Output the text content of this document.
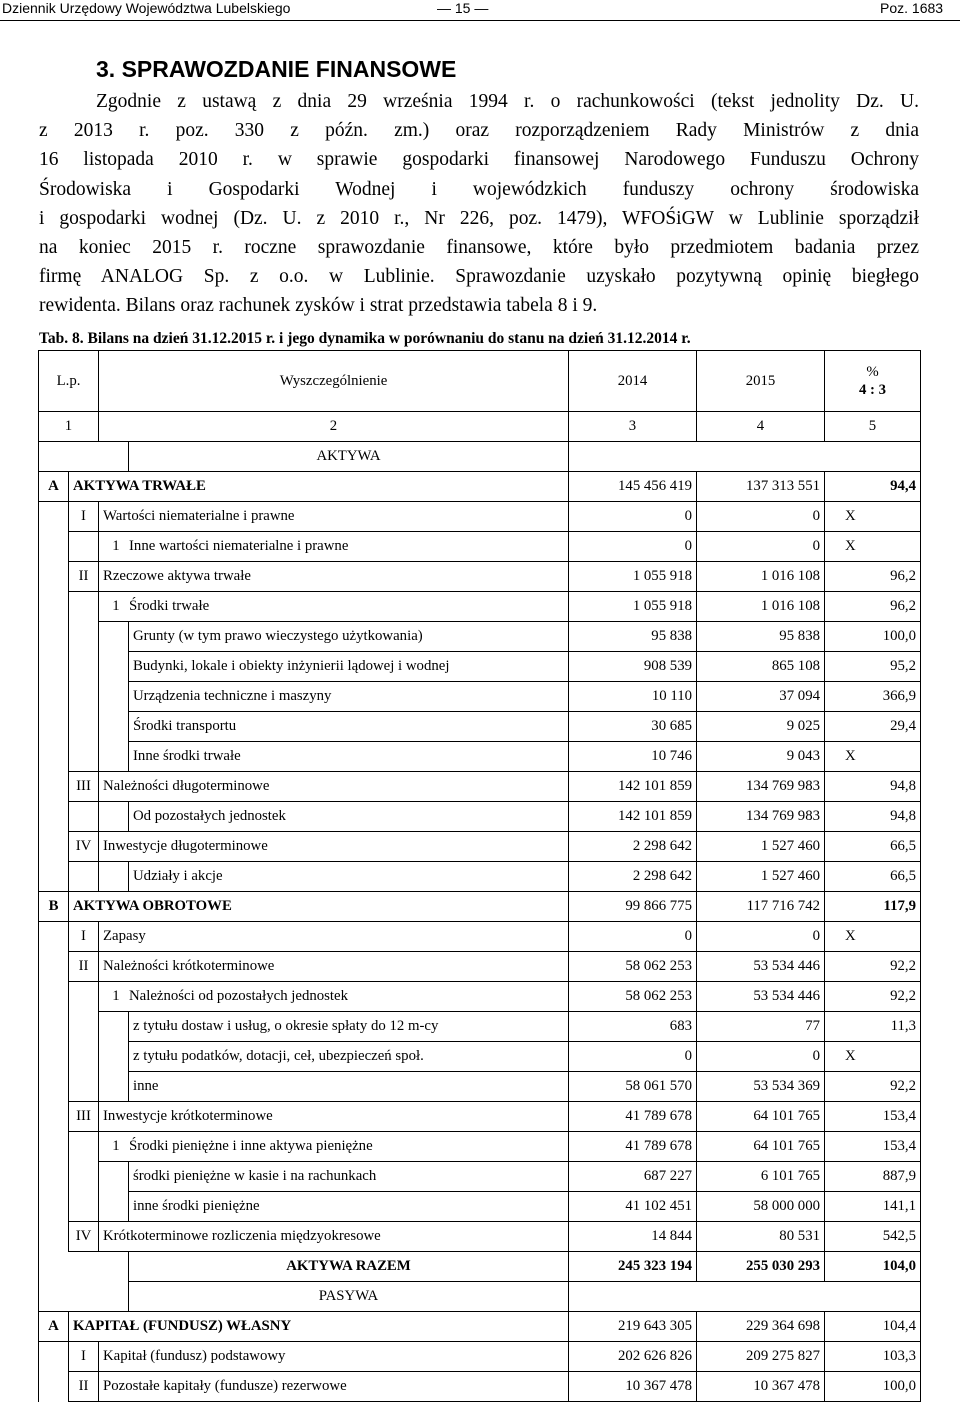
Dziennik Urzędowy Województwa Lubelskiego	— 15 —	Poz. 1683
3. SPRAWOZDANIE FINANSOWE
Zgodnie z ustawą z dnia 29 września 1994 r. o rachunkowości (tekst jednolity Dz. U.
z 2013 r. poz. 330 z późn. zm.) oraz rozporządzeniem Rady Ministrów z dnia
16 listopada 2010 r. w sprawie gospodarki finansowej Narodowego Funduszu Ochrony
Środowiska i Gospodarki Wodnej i wojewódzkich funduszy ochrony środowiska
i gospodarki wodnej (Dz. U. z 2010 r., Nr 226, poz. 1479), WFOŚiGW w Lublinie sporządził
na koniec 2015 r. roczne sprawozdanie finansowe, które było przedmiotem badania przez
firmę ANALOG Sp. z o.o. w Lublinie. Sprawozdanie uzyskało pozytywną opinię biegłego
rewidenta. Bilans oraz rachunek zysków i strat przedstawia tabela 8 i 9.
Tab. 8. Bilans na dzień 31.12.2015 r. i jego dynamika w porównaniu do stanu na dzień 31.12.2014 r.
L.p.		Wyszczególnienie		2014	2015	%
4 : 3

1		2		3	4	5
			AKTYWA			
A	AKTYWA TRWAŁE			145 456 419	137 313 551	94,4
	I	Wartości niematerialne i prawne		0	0	X
		1 Inne wartości niematerialne i prawne		0	0	X
	II	Rzeczowe aktywa trwałe		1 055 918	1 016 108	96,2
		1 Środki trwałe		1 055 918	1 016 108	96,2
			Grunty (w tym prawo wieczystego użytkowania)	95 838	95 838	100,0
			Budynki, lokale i obiekty inżynierii lądowej i wodnej	908 539	865 108	95,2
			Urządzenia techniczne i maszyny	10 110	37 094	366,9
			Środki transportu	30 685	9 025	29,4
			Inne środki trwałe	10 746	9 043	X
	III	Należności długoterminowe		142 101 859	134 769 983	94,8
			Od pozostałych jednostek	142 101 859	134 769 983	94,8
	IV	Inwestycje długoterminowe		2 298 642	1 527 460	66,5
			Udziały i akcje	2 298 642	1 527 460	66,5
B	AKTYWA OBROTOWE			99 866 775	117 716 742	117,9
	I	Zapasy		0	0	X
	II	Należności krótkoterminowe		58 062 253	53 534 446	92,2
		1 Należności od pozostałych jednostek		58 062 253	53 534 446	92,2
			z tytułu dostaw i usług, o okresie spłaty do 12 m-cy	683	77	11,3
			z tytułu podatków, dotacji, ceł, ubezpieczeń społ.	0	0	X
			inne	58 061 570	53 534 369	92,2
	III	Inwestycje krótkoterminowe		41 789 678	64 101 765	153,4
		1 Środki pieniężne i inne aktywa pieniężne		41 789 678	64 101 765	153,4
			środki pieniężne w kasie i na rachunkach	687 227	6 101 765	887,9
			inne środki pieniężne	41 102 451	58 000 000	141,1
	IV	Krótkoterminowe rozliczenia międzyokresowe		14 844	80 531	542,5
			AKTYWA RAZEM	245 323 194	255 030 293	104,0
			PASYWA			
A	KAPITAŁ (FUNDUSZ) WŁASNY			219 643 305	229 364 698	104,4
	I	Kapitał (fundusz) podstawowy		202 626 826	209 275 827	103,3
	II	Pozostałe kapitały (fundusze) rezerwowe		10 367 478	10 367 478	100,0
